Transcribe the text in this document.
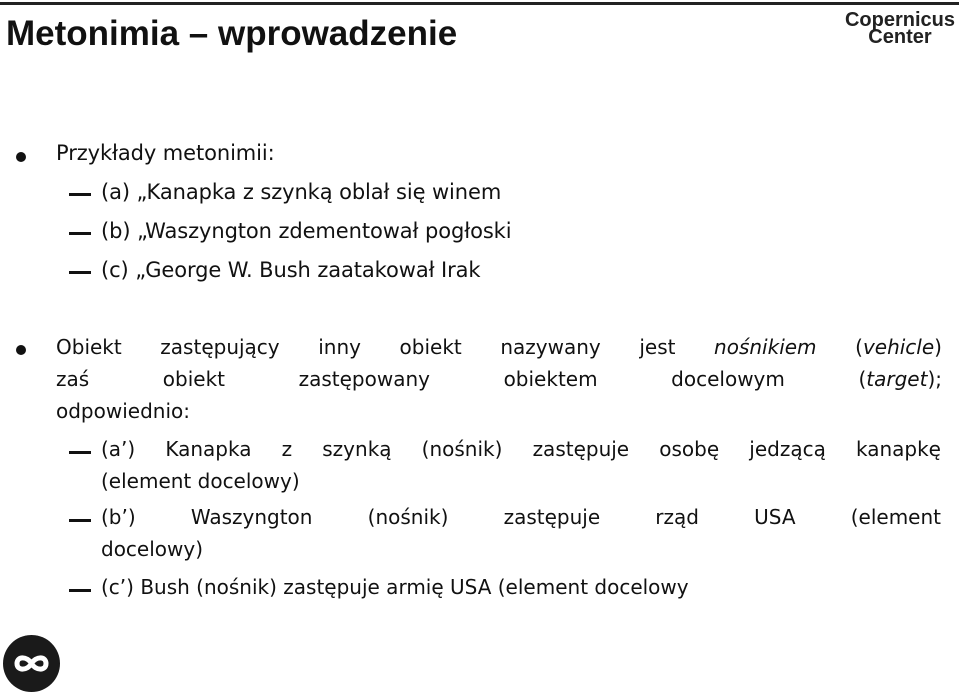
Metonimia – wprowadzenie	Copernicus
Center
Przykłady metonimii:
(a) „Kanapka z szynką oblał się winem
(b) „Waszyngton zdementował pogłoski
(c) „George W. Bush zaatakował Irak
Obiekt zastępujący inny obiekt nazywany jest nośnikiem (vehicle)
zaś obiekt zastępowany obiektem docelowym (target);
odpowiednio:
(a’) Kanapka z szynką (nośnik) zastępuje osobę jedzącą kanapkę
(element docelowy)
(b’) Waszyngton (nośnik) zastępuje rząd USA (element
docelowy)
(c’) Bush (nośnik) zastępuje armię USA (element docelowy
